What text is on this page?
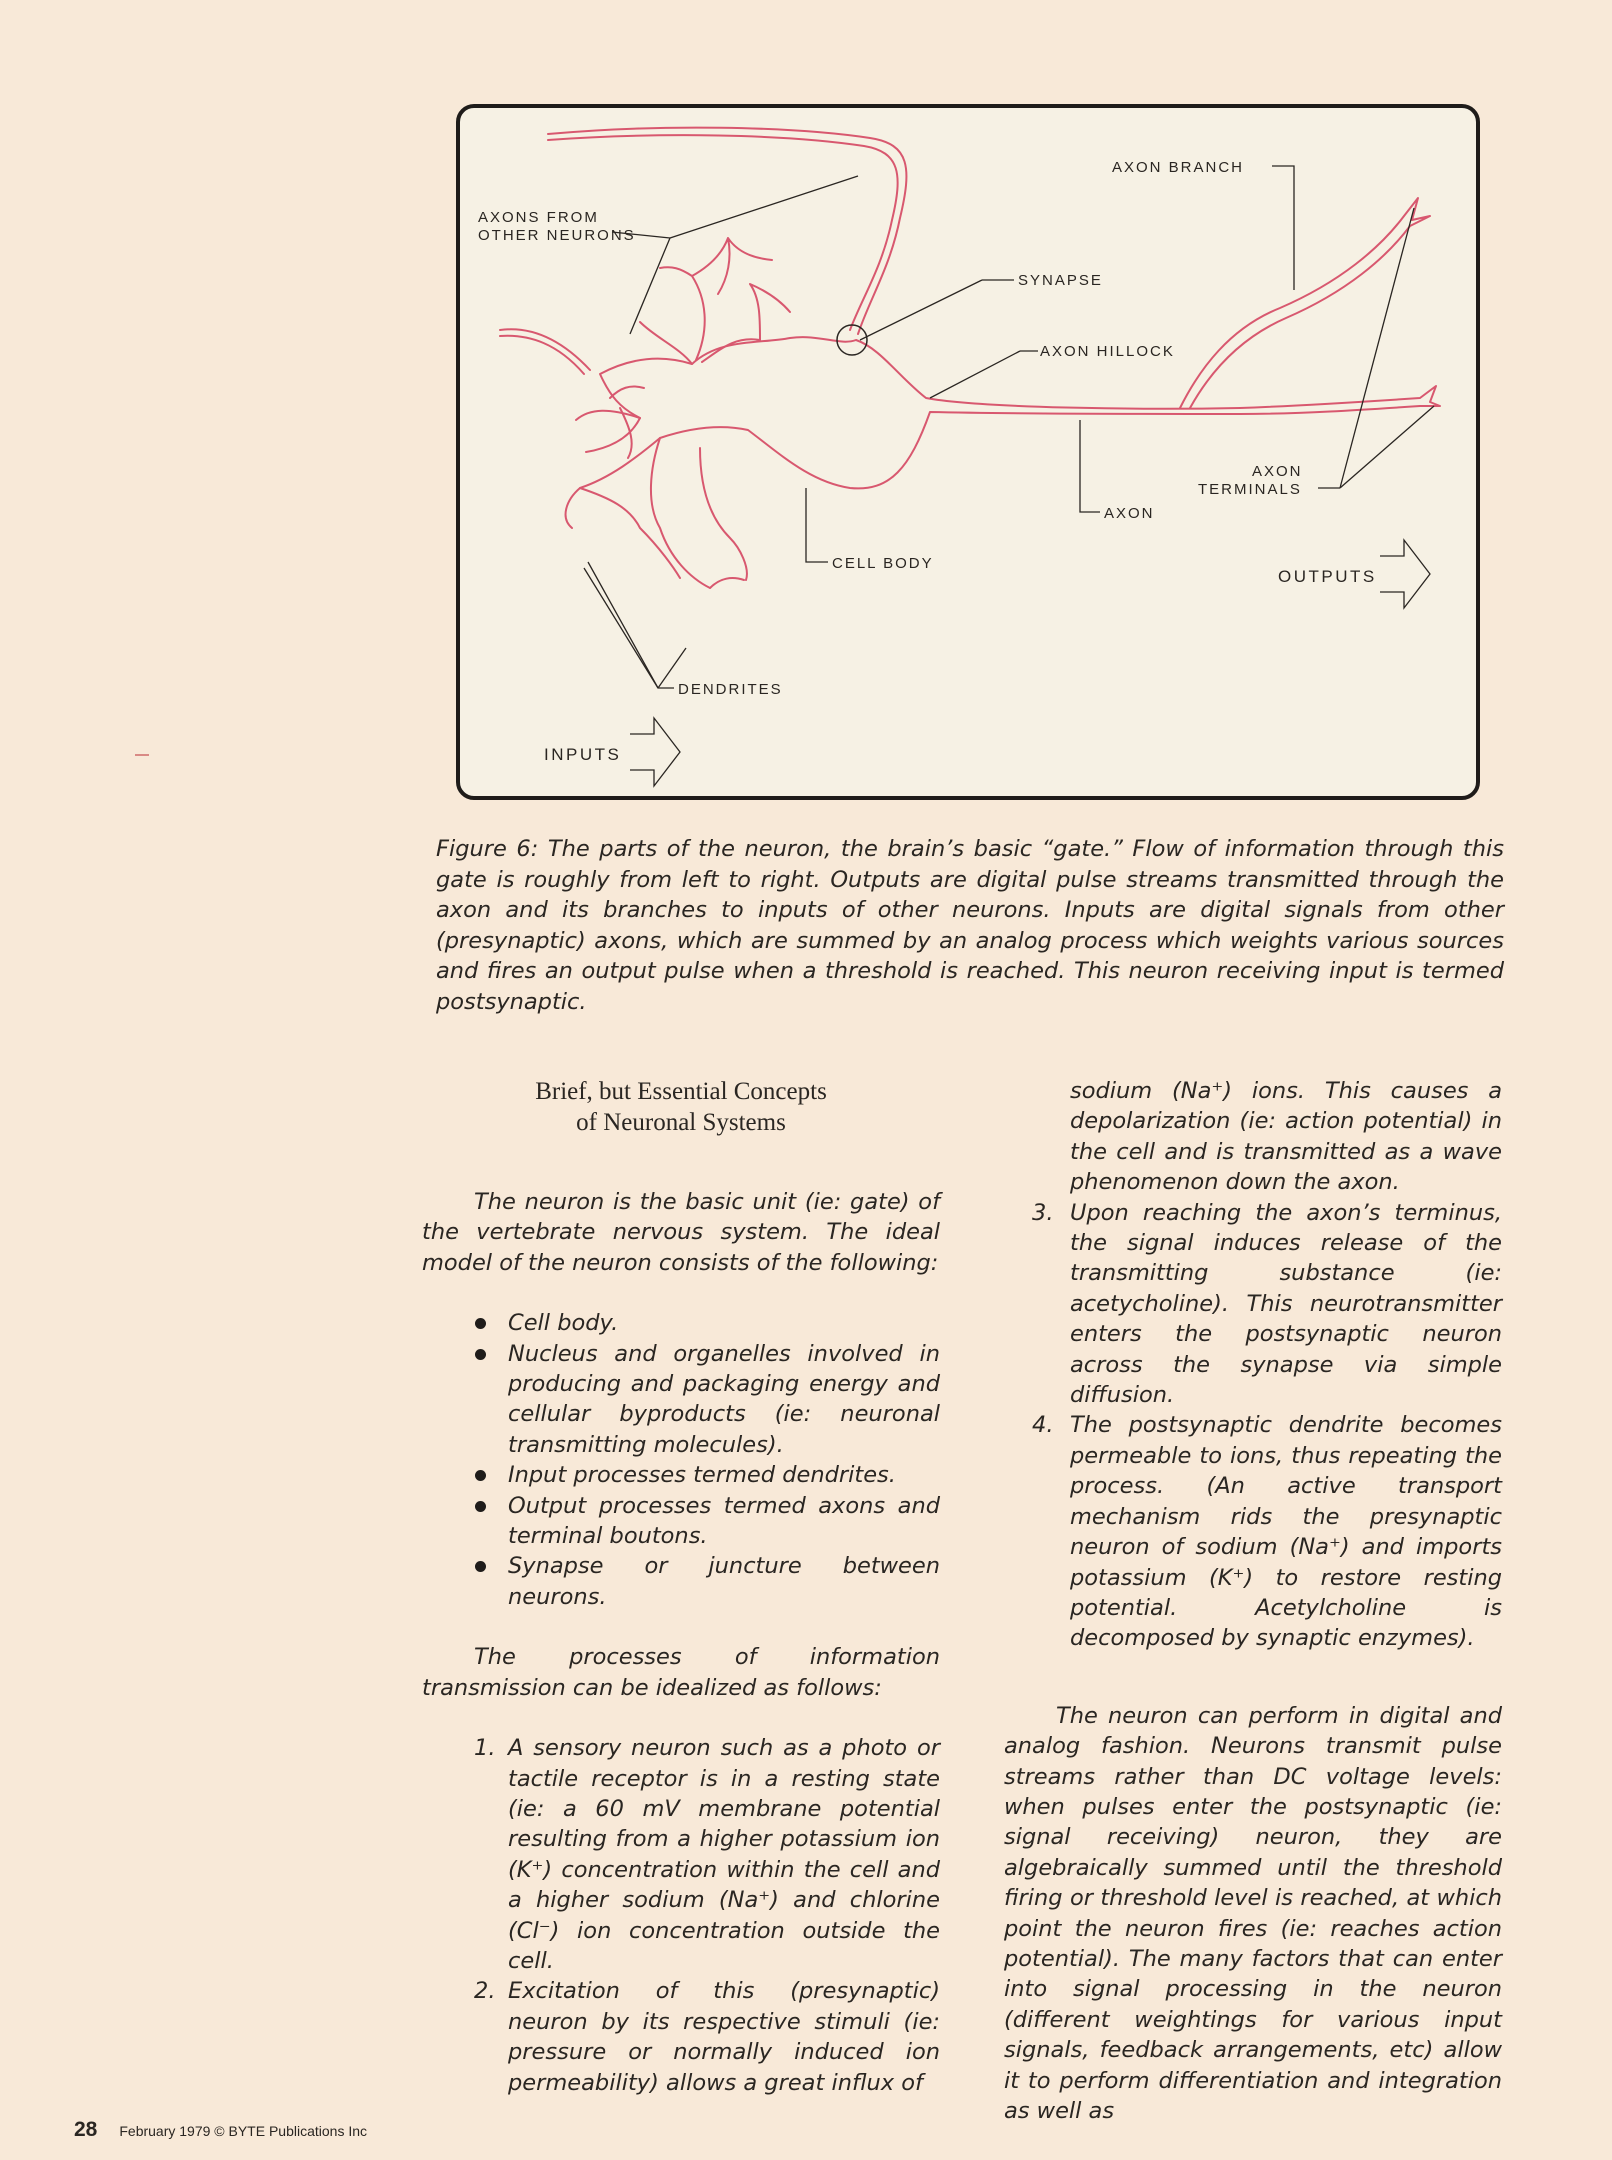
AXONS FROM
OTHER NEURONS
AXON BRANCH
SYNAPSE
AXON HILLOCK
AXON
TERMINALS
AXON
CELL BODY
OUTPUTS
DENDRITES
INPUTS

Figure 6: The parts of the neuron, the brain’s basic “gate.” Flow of information through this gate is roughly from left to right. Outputs are digital pulse streams transmitted through the axon and its branches to inputs of other neurons. Inputs are digital signals from other (presynaptic) axons, which are summed by an analog process which weights various sources and fires an output pulse when a threshold is reached. This neuron receiving input is termed postsynaptic.

Brief, but Essential Concepts
of Neuronal Systems

The neuron is the basic unit (ie: gate) of the vertebrate nervous system. The ideal model of the neuron consists of the following:

Cell body.
Nucleus and organelles involved in producing and packaging energy and cellular byproducts (ie: neuronal transmitting molecules).
Input processes termed dendrites.
Output processes termed axons and terminal boutons.
Synapse or juncture between neurons.

The processes of information transmission can be idealized as follows:

1. A sensory neuron such as a photo or tactile receptor is in a resting state (ie: a 60 mV membrane potential resulting from a higher potassium ion (K⁺) concentration within the cell and a higher sodium (Na⁺) and chlorine (Cl⁻) ion concentration outside the cell.
2. Excitation of this (presynaptic) neuron by its respective stimuli (ie: pressure or normally induced ion permeability) allows a great influx of
sodium (Na⁺) ions. This causes a depolarization (ie: action potential) in the cell and is transmitted as a wave phenomenon down the axon.
3. Upon reaching the axon’s terminus, the signal induces release of the transmitting substance (ie: acetycholine). This neurotransmitter enters the postsynaptic neuron across the synapse via simple diffusion.
4. The postsynaptic dendrite becomes permeable to ions, thus repeating the process. (An active transport mechanism rids the presynaptic neuron of sodium (Na⁺) and imports potassium (K⁺) to restore resting potential. Acetylcholine is decomposed by synaptic enzymes).

The neuron can perform in digital and analog fashion. Neurons transmit pulse streams rather than DC voltage levels: when pulses enter the postsynaptic (ie: signal receiving) neuron, they are algebraically summed until the threshold firing or threshold level is reached, at which point the neuron fires (ie: reaches action potential). The many factors that can enter into signal processing in the neuron (different weightings for various input signals, feedback arrangements, etc) allow it to perform differentiation and integration as well as

28 February 1979 © BYTE Publications Inc
